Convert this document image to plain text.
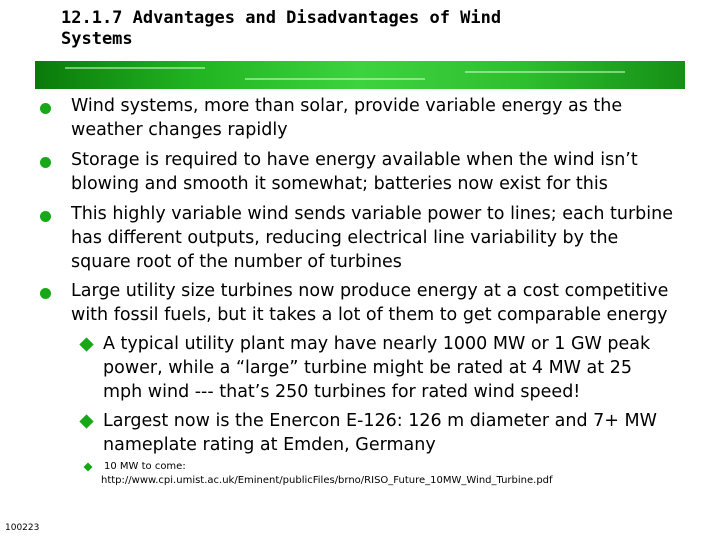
12.1.7 Advantages and Disadvantages of Wind
Systems
Wind systems, more than solar, provide variable energy as the
weather changes rapidly
Storage is required to have energy available when the wind isn’t
blowing and smooth it somewhat; batteries now exist for this
This highly variable wind sends variable power to lines; each turbine
has different outputs, reducing electrical line variability by the
square root of the number of turbines
Large utility size turbines now produce energy at a cost competitive
with fossil fuels, but it takes a lot of them to get comparable energy
A typical utility plant may have nearly 1000 MW or 1 GW peak
power, while a “large” turbine might be rated at 4 MW at 25
mph wind --- that’s 250 turbines for rated wind speed!
Largest now is the Enercon E-126: 126 m diameter and 7+ MW
nameplate rating at Emden, Germany
10 MW to come:
http://www.cpi.umist.ac.uk/Eminent/publicFiles/brno/RISO_Future_10MW_Wind_Turbine.pdf
100223
